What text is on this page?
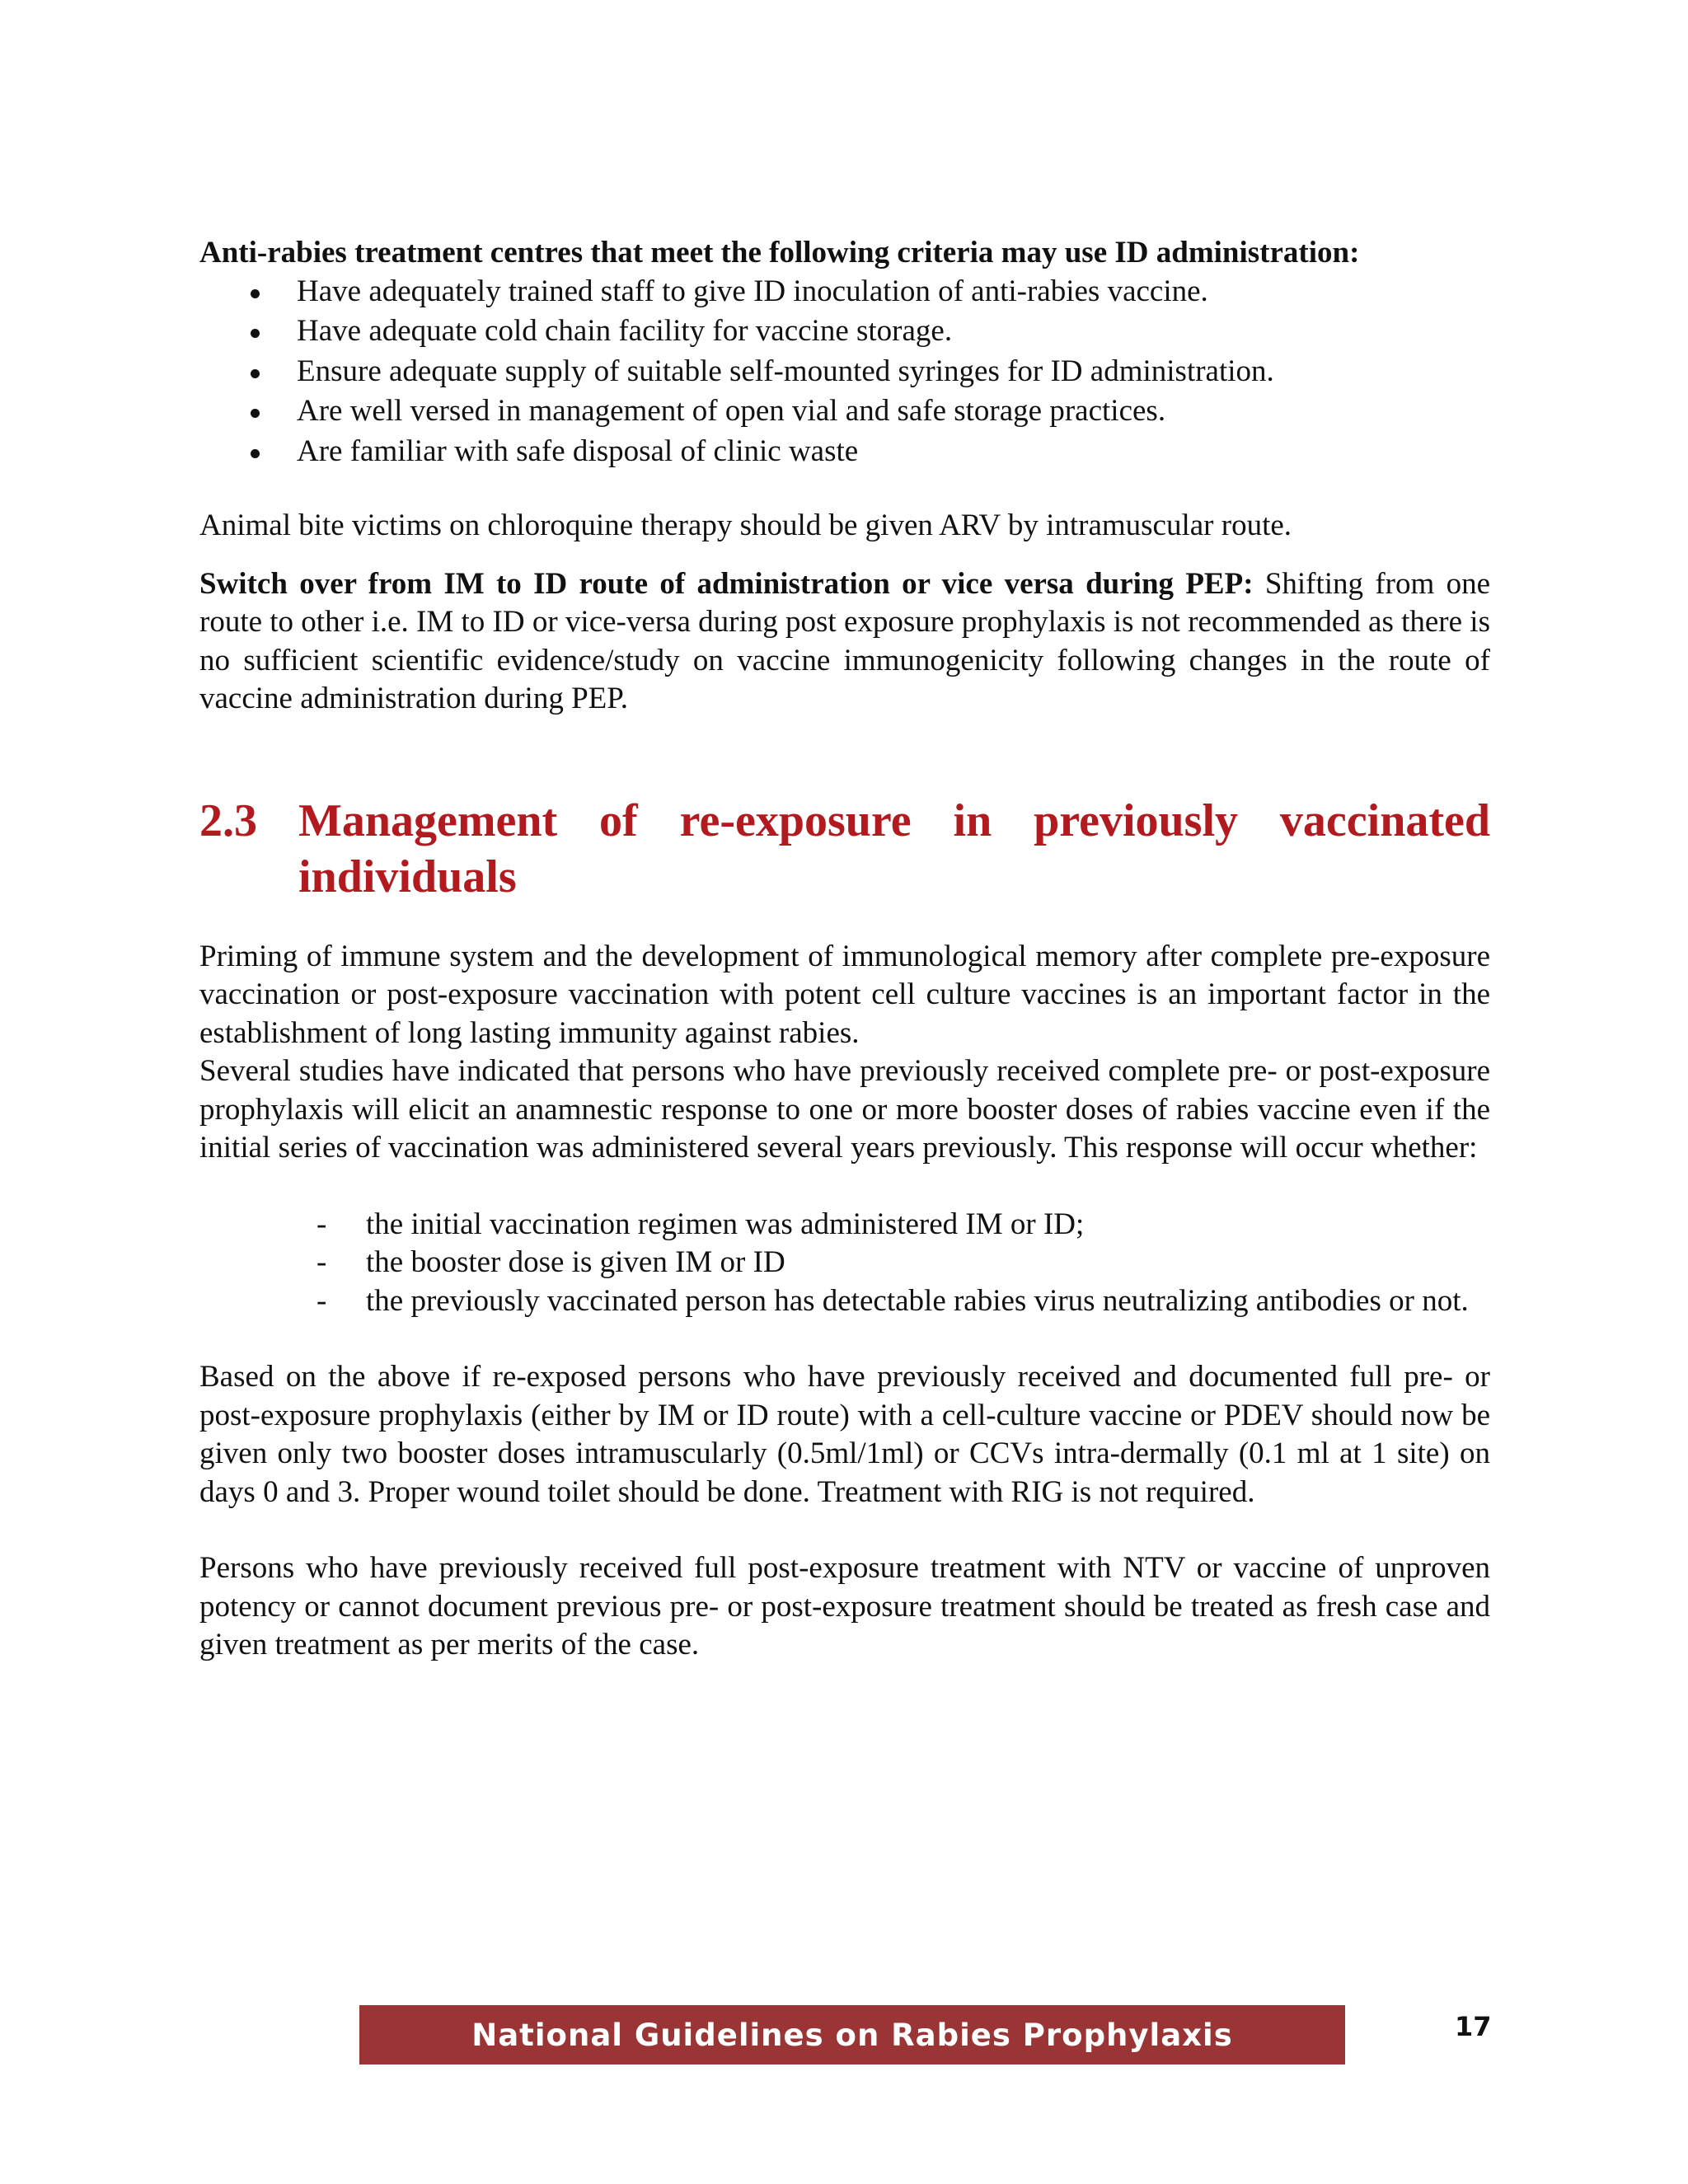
Anti-rabies treatment centres that meet the following criteria may use ID administration:

Have adequately trained staff to give ID inoculation of anti-rabies vaccine.
Have adequate cold chain facility for vaccine storage.
Ensure adequate supply of suitable self-mounted syringes for ID administration.
Are well versed in management of open vial and safe storage practices.
Are familiar with safe disposal of clinic waste

Animal bite victims on chloroquine therapy should be given ARV by intramuscular route.

Switch over from IM to ID route of administration or vice versa during PEP: Shifting from one route to other i.e. IM to ID or vice-versa during post exposure prophylaxis is not recommended as there is no sufficient scientific evidence/study on vaccine immunogenicity following changes in the route of vaccine administration during PEP.

2.3 Management of re-exposure in previously vaccinated individuals

Priming of immune system and the development of immunological memory after complete pre-exposure vaccination or post-exposure vaccination with potent cell culture vaccines is an important factor in the establishment of long lasting immunity against rabies.

Several studies have indicated that persons who have previously received complete pre- or post-exposure prophylaxis will elicit an anamnestic response to one or more booster doses of rabies vaccine even if the initial series of vaccination was administered several years previously. This response will occur whether:

- the initial vaccination regimen was administered IM or ID;
- the booster dose is given IM or ID
- the previously vaccinated person has detectable rabies virus neutralizing antibodies or not.

Based on the above if re-exposed persons who have previously received and documented full pre- or post-exposure prophylaxis (either by IM or ID route) with a cell-culture vaccine or PDEV should now be given only two booster doses intramuscularly (0.5ml/1ml) or CCVs intra-dermally (0.1 ml at 1 site) on days 0 and 3. Proper wound toilet should be done. Treatment with RIG is not required.

Persons who have previously received full post-exposure treatment with NTV or vaccine of unproven potency or cannot document previous pre- or post-exposure treatment should be treated as fresh case and given treatment as per merits of the case.

National Guidelines on Rabies Prophylaxis	17
